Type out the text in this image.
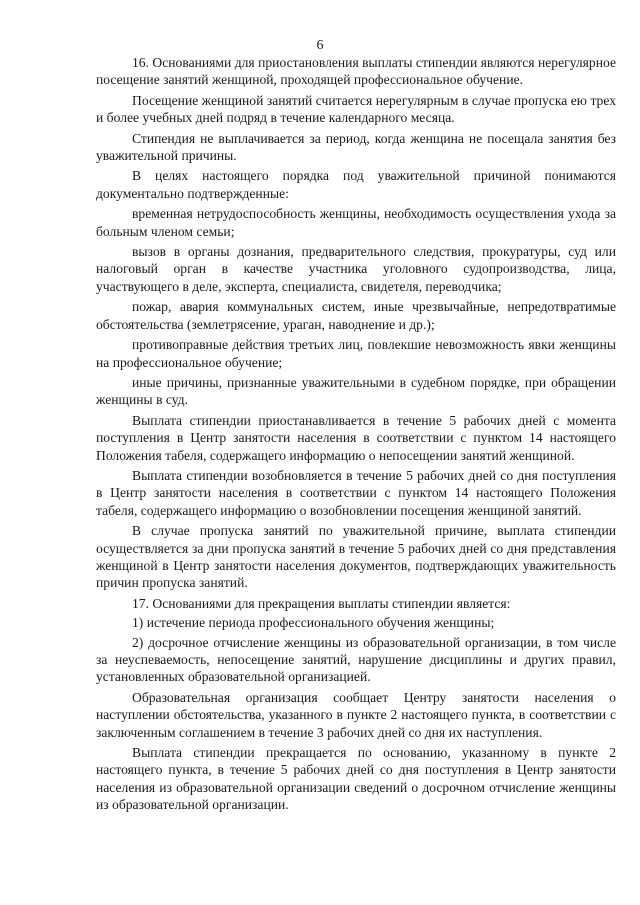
6

16. Основаниями для приостановления выплаты стипендии являются нерегулярное посещение занятий женщиной, проходящей профессиональное обучение.

Посещение женщиной занятий считается нерегулярным в случае пропуска ею трех и более учебных дней подряд в течение календарного месяца.

Стипендия не выплачивается за период, когда женщина не посещала занятия без уважительной причины.

В целях настоящего порядка под уважительной причиной понимаются документально подтвержденные:

временная нетрудоспособность женщины, необходимость осуществления ухода за больным членом семьи;

вызов в органы дознания, предварительного следствия, прокуратуры, суд или налоговый орган в качестве участника уголовного судопроизводства, лица, участвующего в деле, эксперта, специалиста, свидетеля, переводчика;

пожар, авария коммунальных систем, иные чрезвычайные, непредотвратимые обстоятельства (землетрясение, ураган, наводнение и др.);

противоправные действия третьих лиц, повлекшие невозможность явки женщины на профессиональное обучение;

иные причины, признанные уважительными в судебном порядке, при обращении женщины в суд.

Выплата стипендии приостанавливается в течение 5 рабочих дней с момента поступления в Центр занятости населения в соответствии с пунктом 14 настоящего Положения табеля, содержащего информацию о непосещении занятий женщиной.

Выплата стипендии возобновляется в течение 5 рабочих дней со дня поступления в Центр занятости населения в соответствии с пунктом 14 настоящего Положения табеля, содержащего информацию о возобновлении посещения женщиной занятий.

В случае пропуска занятий по уважительной причине, выплата стипендии осуществляется за дни пропуска занятий в течение 5 рабочих дней со дня представления женщиной в Центр занятости населения документов, подтверждающих уважительность причин пропуска занятий.

17. Основаниями для прекращения выплаты стипендии является:

1) истечение периода профессионального обучения женщины;

2) досрочное отчисление женщины из образовательной организации, в том числе за неуспеваемость, непосещение занятий, нарушение дисциплины и других правил, установленных образовательной организацией.

Образовательная организация сообщает Центру занятости населения о наступлении обстоятельства, указанного в пункте 2 настоящего пункта, в соответствии с заключенным соглашением в течение 3 рабочих дней со дня их наступления.

Выплата стипендии прекращается по основанию, указанному в пункте 2 настоящего пункта, в течение 5 рабочих дней со дня поступления в Центр занятости населения из образовательной организации сведений о досрочном отчисление женщины из образовательной организации.
